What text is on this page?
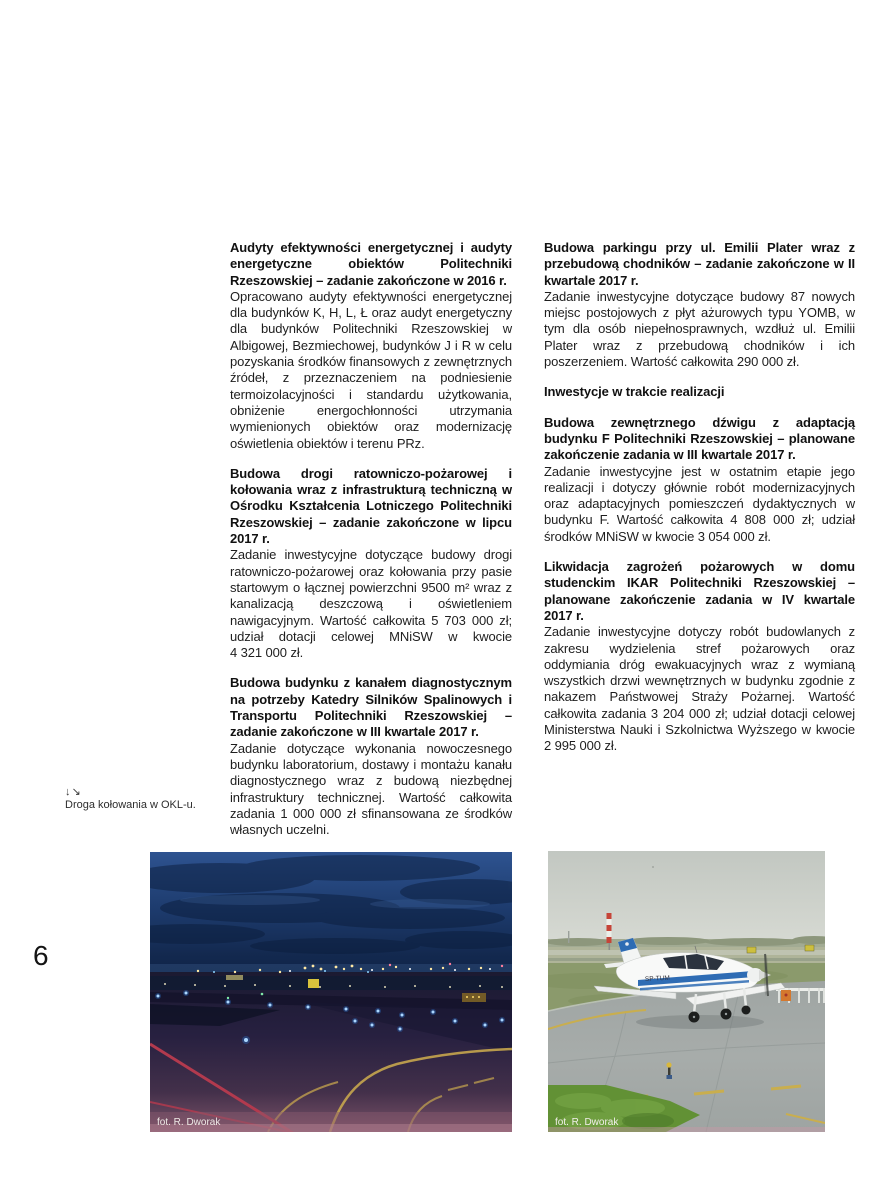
6
↓↘
Droga kołowania w OKL-u.

Audyty efektywności energetycznej i audyty energetyczne obiektów Politechniki Rzeszowskiej – zadanie zakończone w 2016 r.

Opracowano audyty efektywności energetycznej dla budynków K, H, L, Ł oraz audyt energetyczny dla budynków Politechniki Rzeszowskiej w Albigowej, Bezmiechowej, budynków J i R w celu pozyskania środków finansowych z zewnętrznych źródeł, z przeznaczeniem na podniesienie termoizolacyjności i standardu użytkowania, obniżenie energochłonności utrzymania wymienionych obiektów oraz modernizację oświetlenia obiektów i terenu PRz.

Budowa drogi ratowniczo-pożarowej i kołowania wraz z infrastrukturą techniczną w Ośrodku Kształcenia Lotniczego Politechniki Rzeszowskiej – zadanie zakończone w lipcu 2017 r.

Zadanie inwestycyjne dotyczące budowy drogi ratowniczo-pożarowej oraz kołowania przy pasie startowym o łącznej powierzchni 9500 m² wraz z kanalizacją deszczową i oświetleniem nawigacyjnym. Wartość całkowita 5 703 000 zł; udział dotacji celowej MNiSW w kwocie 4 321 000 zł.

Budowa budynku z kanałem diagnostycznym na potrzeby Katedry Silników Spalinowych i Transportu Politechniki Rzeszowskiej – zadanie zakończone w III kwartale 2017 r.

Zadanie dotyczące wykonania nowoczesnego budynku laboratorium, dostawy i montażu kanału diagnostycznego wraz z budową niezbędnej infrastruktury technicznej. Wartość całkowita zadania 1 000 000 zł sfinansowana ze środków własnych uczelni.

Budowa parkingu przy ul. Emilii Plater wraz z przebudową chodników – zadanie zakończone w II kwartale 2017 r.

Zadanie inwestycyjne dotyczące budowy 87 nowych miejsc postojowych z płyt ażurowych typu YOMB, w tym dla osób niepełnosprawnych, wzdłuż ul. Emilii Plater wraz z przebudową chodników i ich poszerzeniem. Wartość całkowita 290 000 zł.

Inwestycje w trakcie realizacji

Budowa zewnętrznego dźwigu z adaptacją budynku F Politechniki Rzeszowskiej – planowane zakończenie zadania w III kwartale 2017 r.

Zadanie inwestycyjne jest w ostatnim etapie jego realizacji i dotyczy głównie robót modernizacyjnych oraz adaptacyjnych pomieszczeń dydaktycznych w budynku F. Wartość całkowita 4 808 000 zł; udział środków MNiSW w kwocie 3 054 000 zł.

Likwidacja zagrożeń pożarowych w domu studenckim IKAR Politechniki Rzeszowskiej – planowane zakończenie zadania w IV kwartale 2017 r.

Zadanie inwestycyjne dotyczy robót budowlanych z zakresu wydzielenia stref pożarowych oraz oddymiania dróg ewakuacyjnych wraz z wymianą wszystkich drzwi wewnętrznych w budynku zgodnie z nakazem Państwowej Straży Pożarnej. Wartość całkowita zadania 3 204 000 zł; udział dotacji celowej Ministerstwa Nauki i Szkolnictwa Wyższego w kwocie 2 995 000 zł.

fot. R. Dworak
SP-TUM
fot. R. Dworak
